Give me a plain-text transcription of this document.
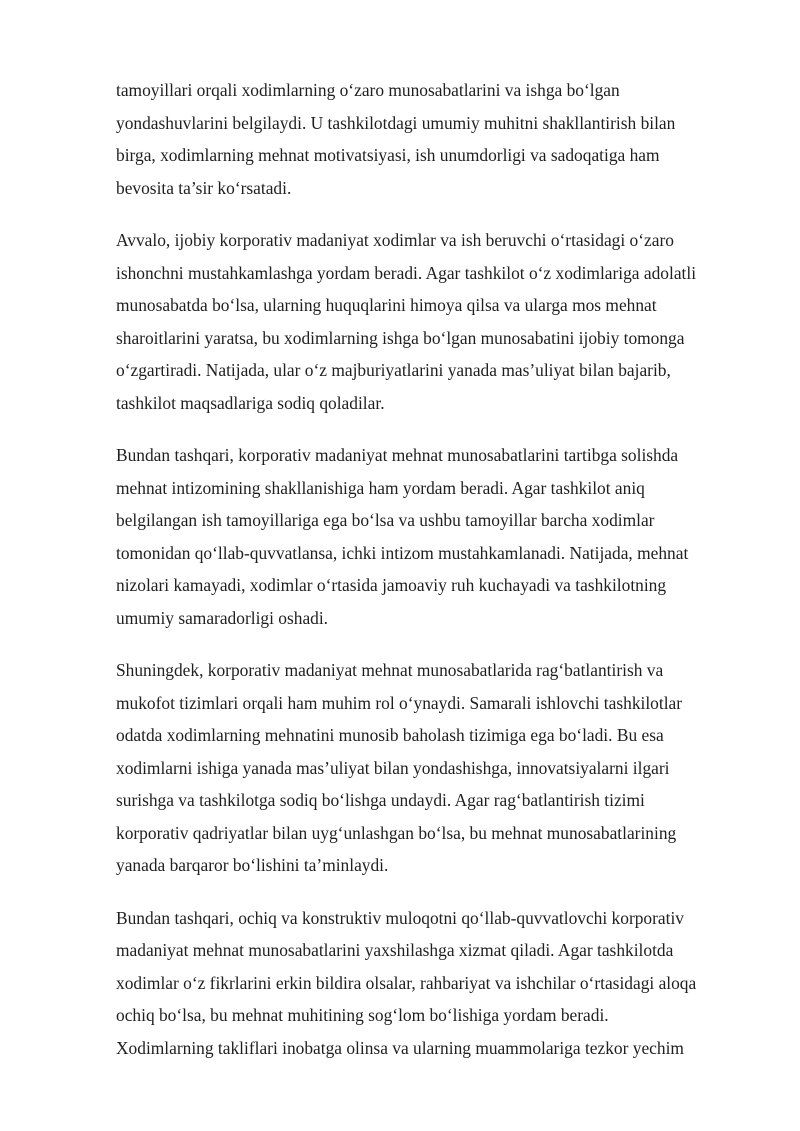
tamoyillari orqali xodimlarning o‘zaro munosabatlarini va ishga bo‘lgan
yondashuvlarini belgilaydi. U tashkilotdagi umumiy muhitni shakllantirish bilan
birga, xodimlarning mehnat motivatsiyasi, ish unumdorligi va sadoqatiga ham
bevosita ta’sir ko‘rsatadi.

Avvalo, ijobiy korporativ madaniyat xodimlar va ish beruvchi o‘rtasidagi o‘zaro
ishonchni mustahkamlashga yordam beradi. Agar tashkilot o‘z xodimlariga adolatli
munosabatda bo‘lsa, ularning huquqlarini himoya qilsa va ularga mos mehnat
sharoitlarini yaratsa, bu xodimlarning ishga bo‘lgan munosabatini ijobiy tomonga
o‘zgartiradi. Natijada, ular o‘z majburiyatlarini yanada mas’uliyat bilan bajarib,
tashkilot maqsadlariga sodiq qoladilar.

Bundan tashqari, korporativ madaniyat mehnat munosabatlarini tartibga solishda
mehnat intizomining shakllanishiga ham yordam beradi. Agar tashkilot aniq
belgilangan ish tamoyillariga ega bo‘lsa va ushbu tamoyillar barcha xodimlar
tomonidan qo‘llab-quvvatlansa, ichki intizom mustahkamlanadi. Natijada, mehnat
nizolari kamayadi, xodimlar o‘rtasida jamoaviy ruh kuchayadi va tashkilotning
umumiy samaradorligi oshadi.

Shuningdek, korporativ madaniyat mehnat munosabatlarida rag‘batlantirish va
mukofot tizimlari orqali ham muhim rol o‘ynaydi. Samarali ishlovchi tashkilotlar
odatda xodimlarning mehnatini munosib baholash tizimiga ega bo‘ladi. Bu esa
xodimlarni ishiga yanada mas’uliyat bilan yondashishga, innovatsiyalarni ilgari
surishga va tashkilotga sodiq bo‘lishga undaydi. Agar rag‘batlantirish tizimi
korporativ qadriyatlar bilan uyg‘unlashgan bo‘lsa, bu mehnat munosabatlarining
yanada barqaror bo‘lishini ta’minlaydi.

Bundan tashqari, ochiq va konstruktiv muloqotni qo‘llab-quvvatlovchi korporativ
madaniyat mehnat munosabatlarini yaxshilashga xizmat qiladi. Agar tashkilotda
xodimlar o‘z fikrlarini erkin bildira olsalar, rahbariyat va ishchilar o‘rtasidagi aloqa
ochiq bo‘lsa, bu mehnat muhitining sog‘lom bo‘lishiga yordam beradi.
Xodimlarning takliflari inobatga olinsa va ularning muammolariga tezkor yechim
